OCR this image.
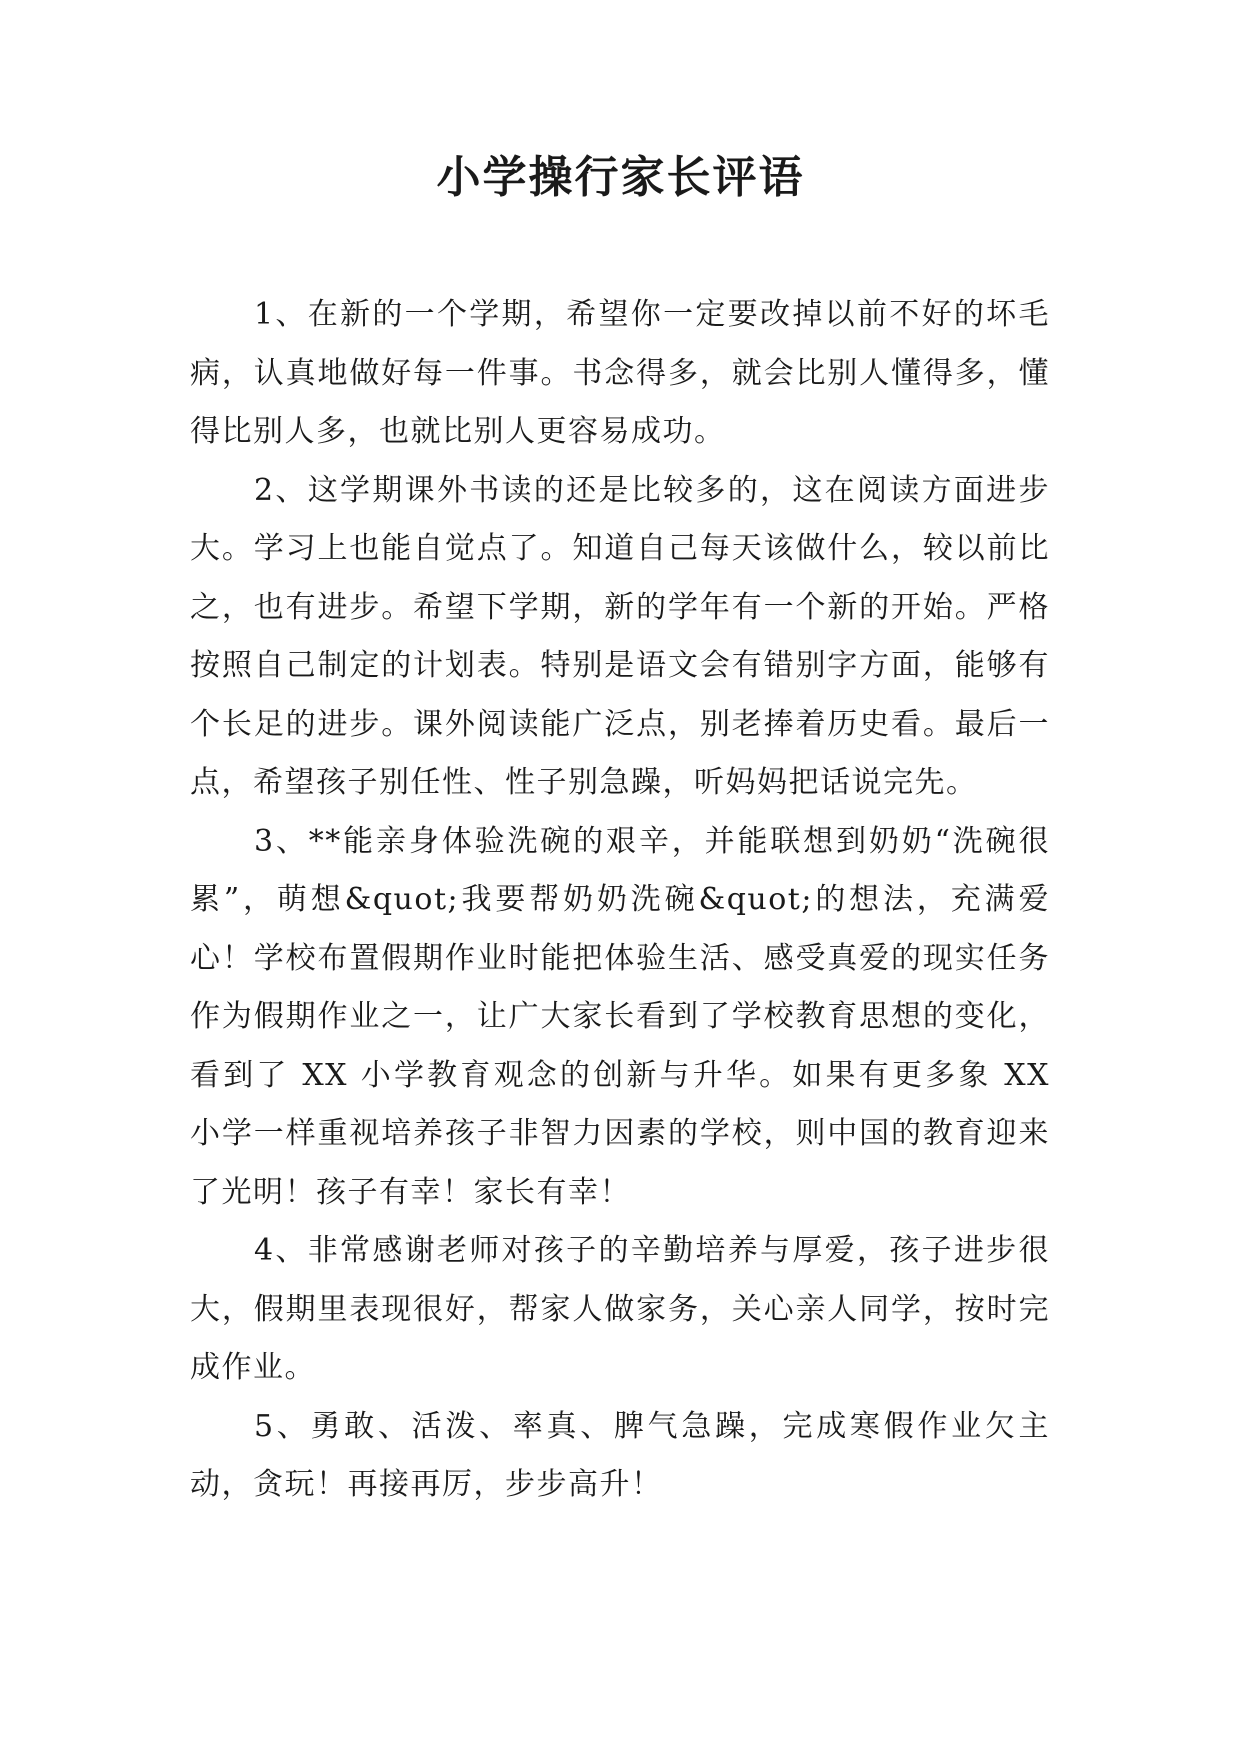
小学操行家长评语

1、在新的一个学期，希望你一定要改掉以前不好的坏毛病，认真地做好每一件事。书念得多，就会比别人懂得多，懂得比别人多，也就比别人更容易成功。

2、这学期课外书读的还是比较多的，这在阅读方面进步大。学习上也能自觉点了。知道自己每天该做什么，较以前比之，也有进步。希望下学期，新的学年有一个新的开始。严格按照自己制定的计划表。特别是语文会有错别字方面，能够有个长足的进步。课外阅读能广泛点，别老捧着历史看。最后一点，希望孩子别任性、性子别急躁，听妈妈把话说完先。

3、**能亲身体验洗碗的艰辛，并能联想到奶奶“洗碗很累”，萌想&quot;我要帮奶奶洗碗&quot;的想法，充满爱心！学校布置假期作业时能把体验生活、感受真爱的现实任务作为假期作业之一，让广大家长看到了学校教育思想的变化，看到了 XX 小学教育观念的创新与升华。如果有更多象 XX 小学一样重视培养孩子非智力因素的学校，则中国的教育迎来了光明！孩子有幸！家长有幸！

4、非常感谢老师对孩子的辛勤培养与厚爱，孩子进步很大，假期里表现很好，帮家人做家务，关心亲人同学，按时完成作业。

5、勇敢、活泼、率真、脾气急躁，完成寒假作业欠主动，贪玩！再接再厉，步步高升！
